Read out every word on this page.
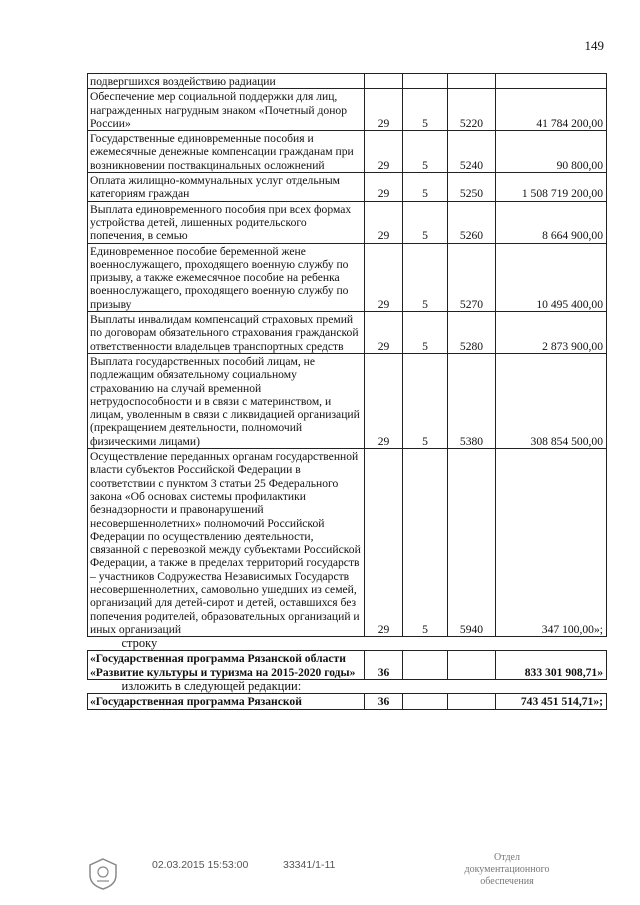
149
подвергшихся воздействию радиации				
Обеспечение мер социальной поддержки для лиц, награжденных нагрудным знаком «Почетный донор России»	29	5	5220	41 784 200,00
Государственные единовременные пособия и ежемесячные денежные компенсации гражданам при возникновении поствакцинальных осложнений	29	5	5240	90 800,00
Оплата жилищно-коммунальных услуг отдельным категориям граждан	29	5	5250	1 508 719 200,00
Выплата единовременного пособия при всех формах устройства детей, лишенных родительского попечения, в семью	29	5	5260	8 664 900,00
Единовременное пособие беременной жене военнослужащего, проходящего военную службу по призыву, а также ежемесячное пособие на ребенка военнослужащего, проходящего военную службу по призыву	29	5	5270	10 495 400,00
Выплаты инвалидам компенсаций страховых премий по договорам обязательного страхования гражданской ответственности владельцев транспортных средств	29	5	5280	2 873 900,00
Выплата государственных пособий лицам, не подлежащим обязательному социальному страхованию на случай временной нетрудоспособности и в связи с материнством, и лицам, уволенным в связи с ликвидацией организаций (прекращением деятельности, полномочий физическими лицами)	29	5	5380	308 854 500,00
Осуществление переданных органам государственной власти субъектов Российской Федерации в соответствии с пунктом 3 статьи 25 Федерального закона «Об основах системы профилактики безнадзорности и правонарушений несовершеннолетних» полномочий Российской Федерации по осуществлению деятельности, связанной с перевозкой между субъектами Российской Федерации, а также в пределах территорий государств – участников Содружества Независимых Государств несовершеннолетних, самовольно ушедших из семей, организаций для детей-сирот и детей, оставшихся без попечения родителей, образовательных организаций и иных организаций	29	5	5940	347 100,00»;
строку				
«Государственная программа Рязанской области «Развитие культуры и туризма на 2015-2020 годы»	36			833 301 908,71»
изложить в следующей редакции:				
«Государственная программа Рязанской	36			743 451 514,71»;
02.03.2015 15:53:00	33341/1-11
Отдел документационного обеспечения
